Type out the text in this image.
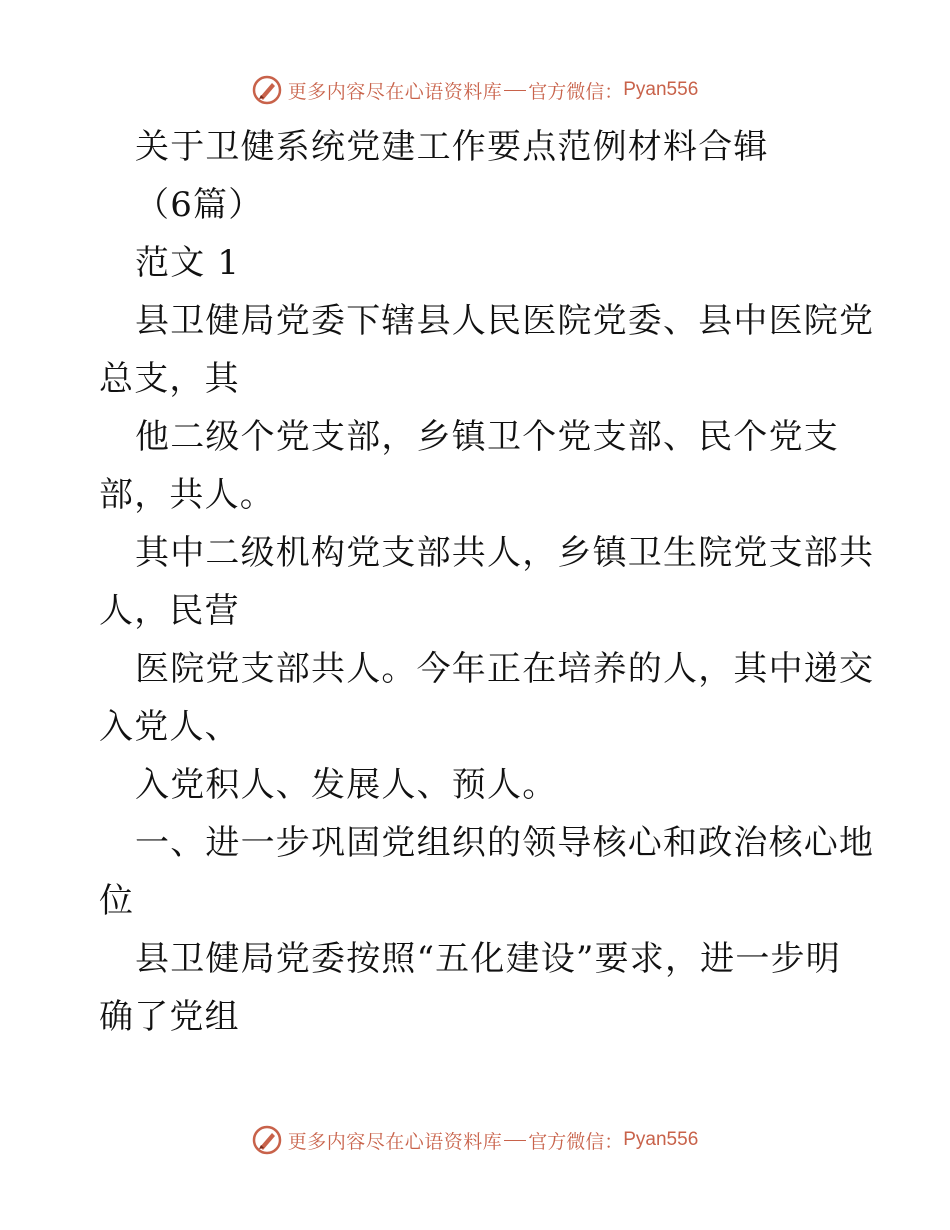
更多内容尽在心语资料库 官方微信： Pyan556
关于卫健系统党建工作要点范例材料合辑
（6篇）
范文 1
县卫健局党委下辖县人民医院党委、县中医院党
总支，其
他二级个党支部，乡镇卫个党支部、民个党支
部，共人。
其中二级机构党支部共人，乡镇卫生院党支部共
人，民营
医院党支部共人。今年正在培养的人，其中递交
入党人、
入党积人、发展人、预人。
一、进一步巩固党组织的领导核心和政治核心地
位
县卫健局党委按照“五化建设”要求，进一步明
确了党组
更多内容尽在心语资料库 官方微信： Pyan556
